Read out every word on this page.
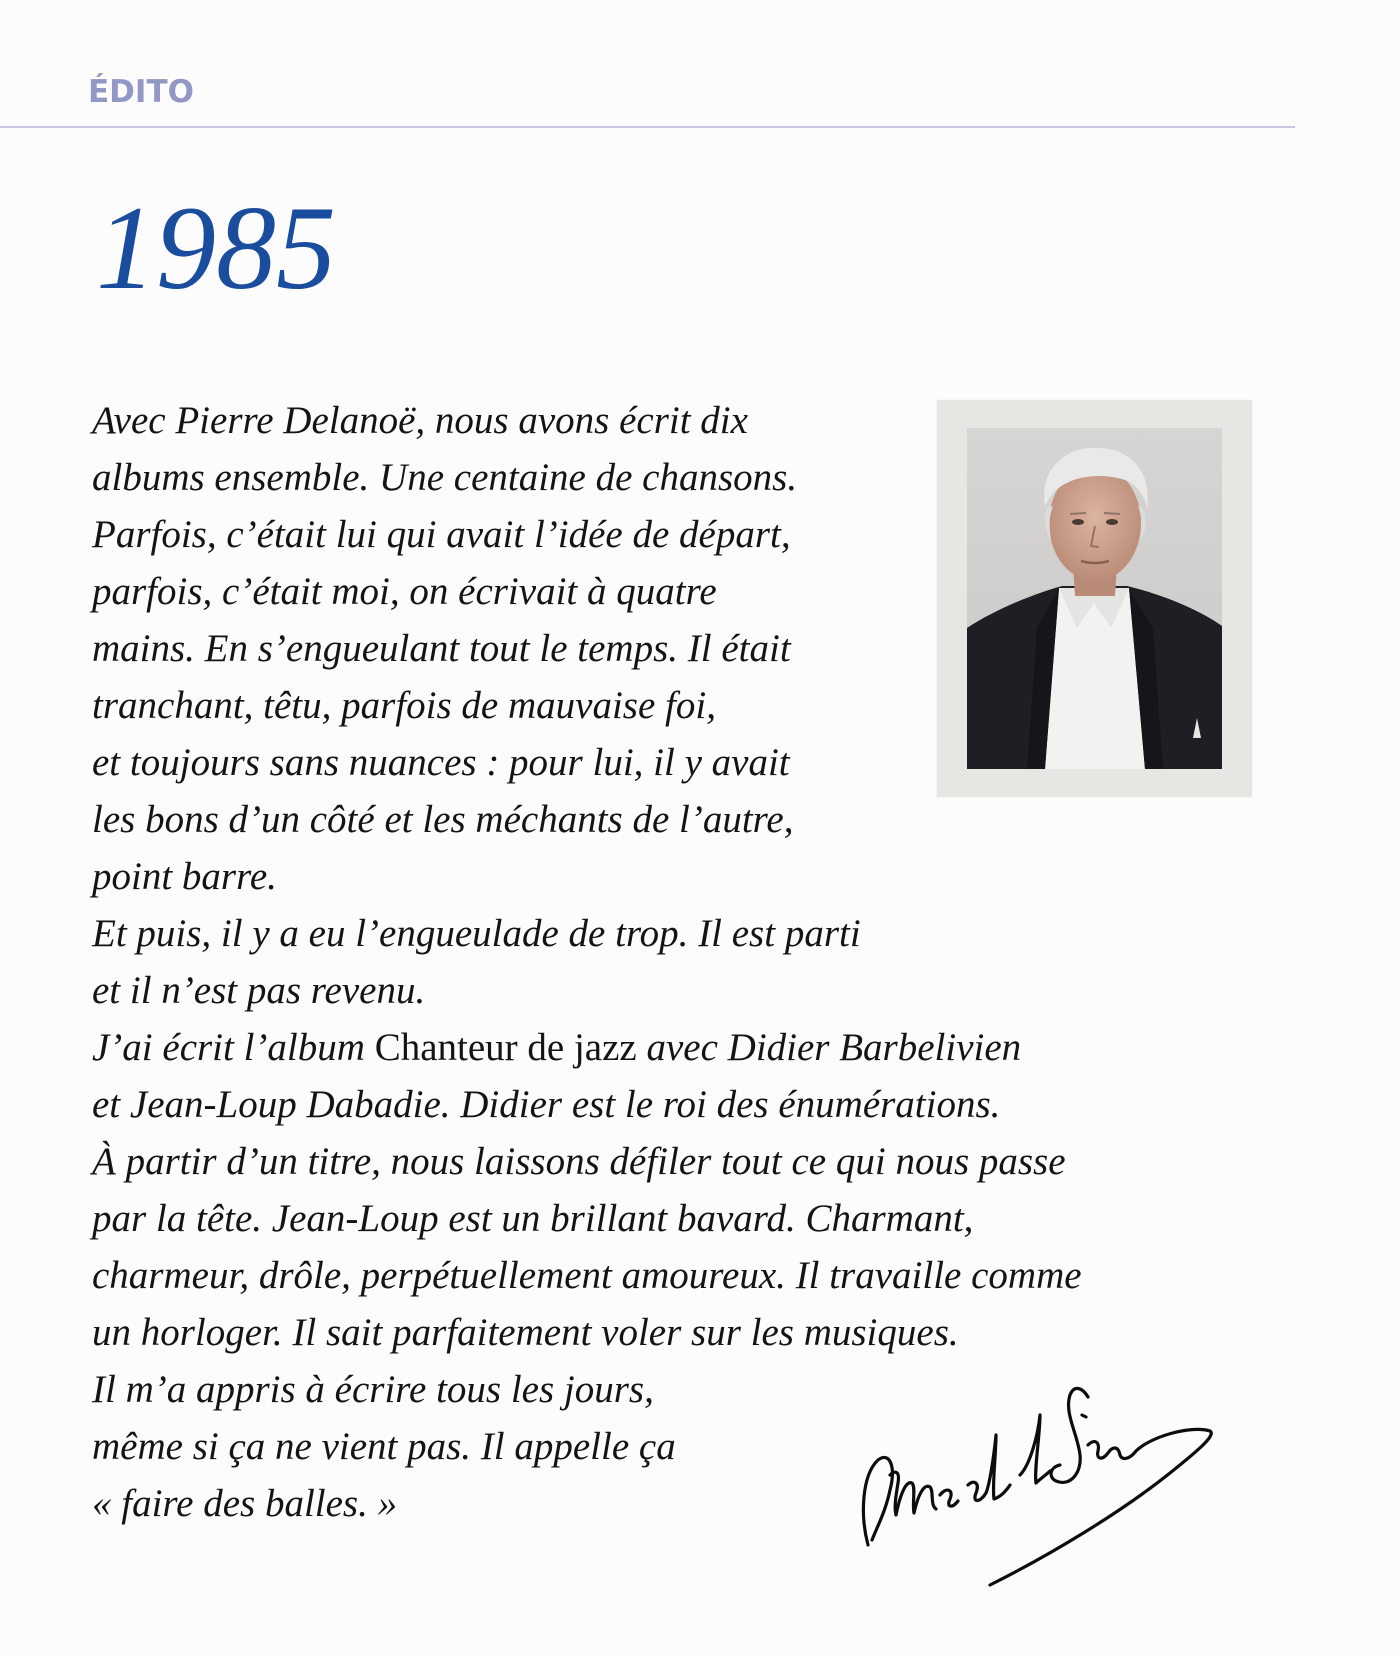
ÉDITO
1985
Avec Pierre Delanoë, nous avons écrit dix
albums ensemble. Une centaine de chansons.
Parfois, c’était lui qui avait l’idée de départ,
parfois, c’était moi, on écrivait à quatre
mains. En s’engueulant tout le temps. Il était
tranchant, têtu, parfois de mauvaise foi,
et toujours sans nuances : pour lui, il y avait
les bons d’un côté et les méchants de l’autre,
point barre.
Et puis, il y a eu l’engueulade de trop. Il est parti
et il n’est pas revenu.
J’ai écrit l’album Chanteur de jazz avec Didier Barbelivien
et Jean-Loup Dabadie. Didier est le roi des énumérations.
À partir d’un titre, nous laissons défiler tout ce qui nous passe
par la tête. Jean-Loup est un brillant bavard. Charmant,
charmeur, drôle, perpétuellement amoureux. Il travaille comme
un horloger. Il sait parfaitement voler sur les musiques.
Il m’a appris à écrire tous les jours,
même si ça ne vient pas. Il appelle ça
« faire des balles. »
